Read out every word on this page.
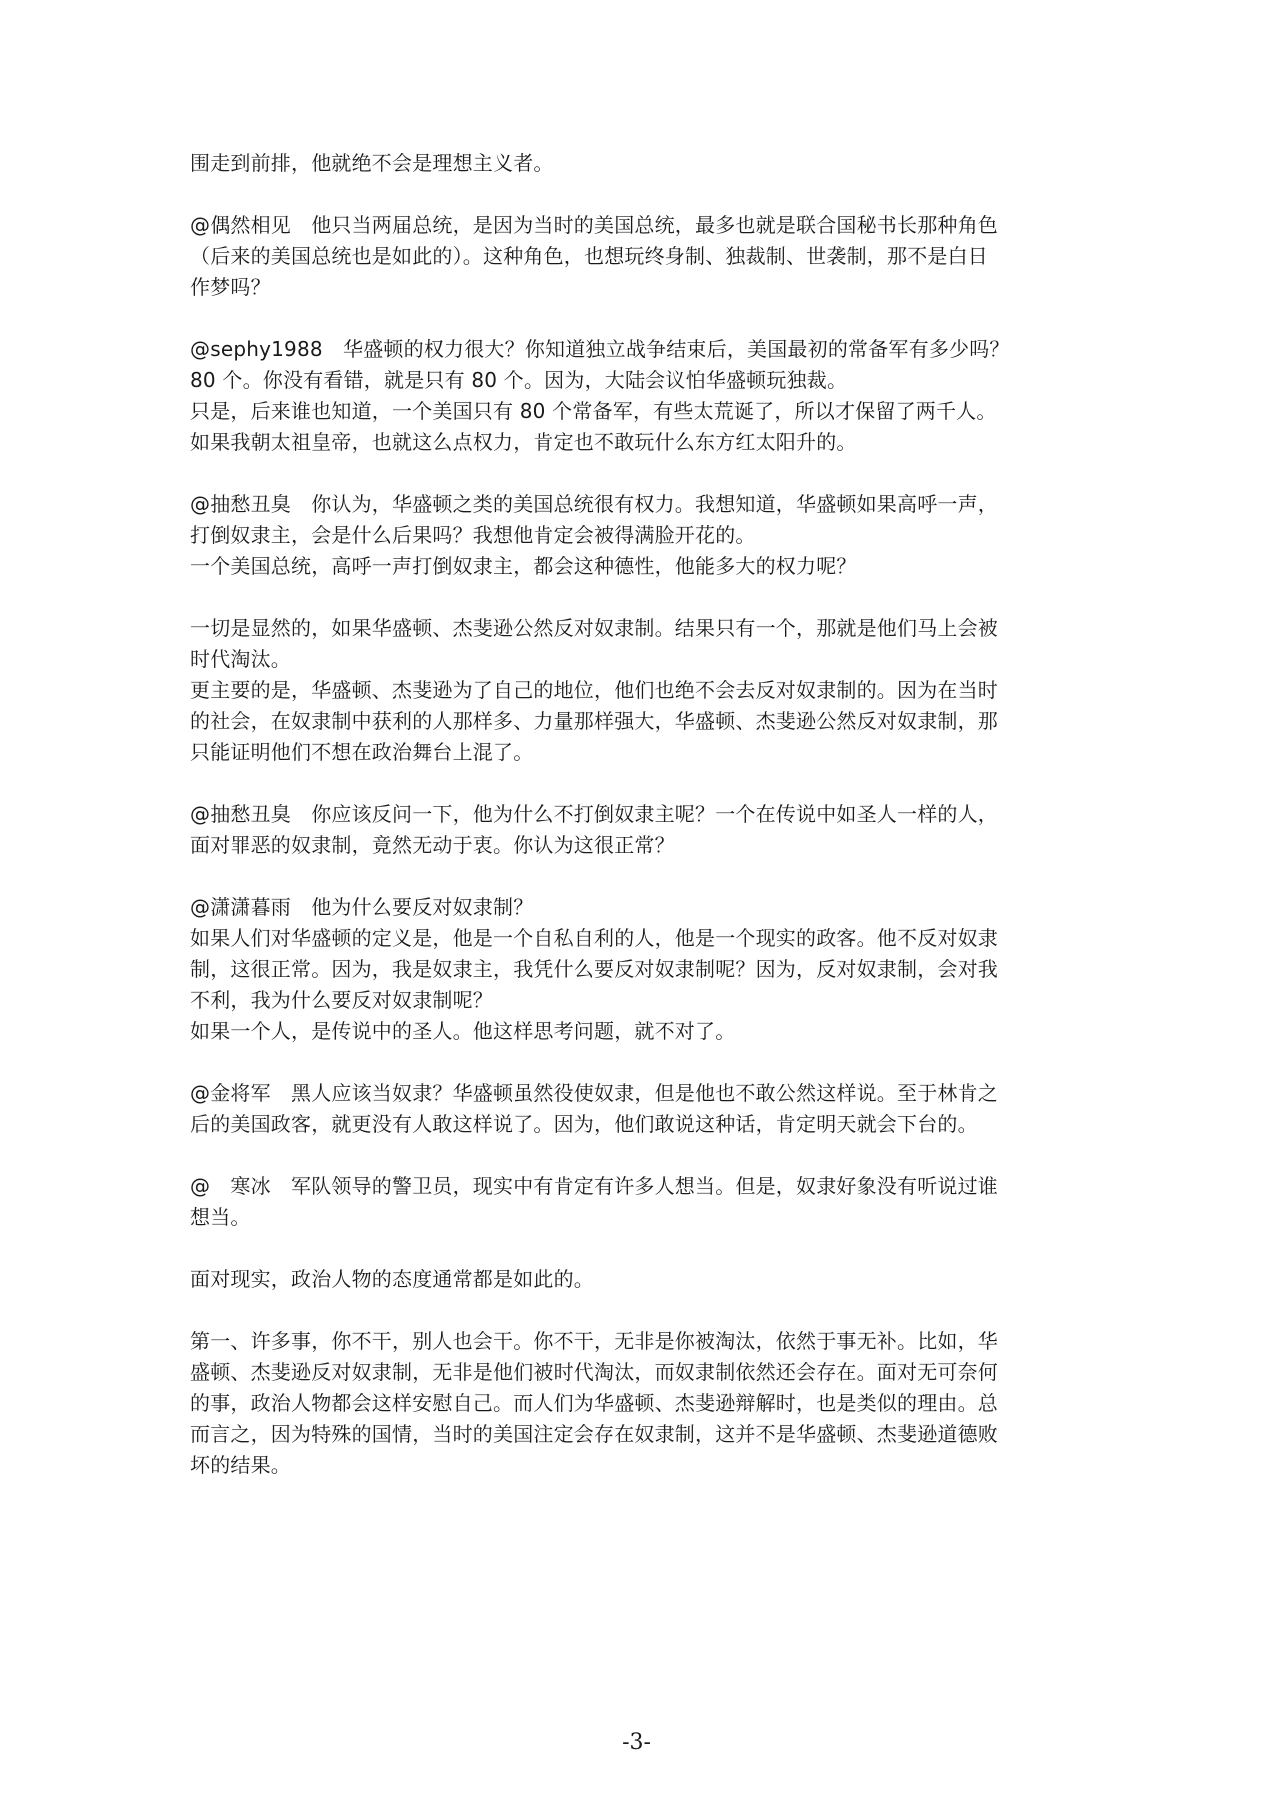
围走到前排，他就绝不会是理想主义者。
@偶然相见　他只当两届总统，是因为当时的美国总统，最多也就是联合国秘书长那种角色
（后来的美国总统也是如此的）。这种角色，也想玩终身制、独裁制、世袭制，那不是白日
作梦吗？
@sephy1988　华盛顿的权力很大？你知道独立战争结束后，美国最初的常备军有多少吗？
80 个。你没有看错，就是只有 80 个。因为，大陆会议怕华盛顿玩独裁。
只是，后来谁也知道，一个美国只有 80 个常备军，有些太荒诞了，所以才保留了两千人。
如果我朝太祖皇帝，也就这么点权力，肯定也不敢玩什么东方红太阳升的。
@抽愁丑臭　你认为，华盛顿之类的美国总统很有权力。我想知道，华盛顿如果高呼一声，
打倒奴隶主，会是什么后果吗？我想他肯定会被得满脸开花的。
一个美国总统，高呼一声打倒奴隶主，都会这种德性，他能多大的权力呢？
一切是显然的，如果华盛顿、杰斐逊公然反对奴隶制。结果只有一个，那就是他们马上会被
时代淘汰。
更主要的是，华盛顿、杰斐逊为了自己的地位，他们也绝不会去反对奴隶制的。因为在当时
的社会，在奴隶制中获利的人那样多、力量那样强大，华盛顿、杰斐逊公然反对奴隶制，那
只能证明他们不想在政治舞台上混了。
@抽愁丑臭　你应该反问一下，他为什么不打倒奴隶主呢？一个在传说中如圣人一样的人，
面对罪恶的奴隶制，竟然无动于衷。你认为这很正常？
@潇潇暮雨　他为什么要反对奴隶制？
如果人们对华盛顿的定义是，他是一个自私自利的人，他是一个现实的政客。他不反对奴隶
制，这很正常。因为，我是奴隶主，我凭什么要反对奴隶制呢？因为，反对奴隶制，会对我
不利，我为什么要反对奴隶制呢？
如果一个人，是传说中的圣人。他这样思考问题，就不对了。
@金将军　黑人应该当奴隶？华盛顿虽然役使奴隶，但是他也不敢公然这样说。至于林肯之
后的美国政客，就更没有人敢这样说了。因为，他们敢说这种话，肯定明天就会下台的。
@　寒冰　军队领导的警卫员，现实中有肯定有许多人想当。但是，奴隶好象没有听说过谁
想当。
面对现实，政治人物的态度通常都是如此的。
第一、许多事，你不干，别人也会干。你不干，无非是你被淘汰，依然于事无补。比如，华
盛顿、杰斐逊反对奴隶制，无非是他们被时代淘汰，而奴隶制依然还会存在。面对无可奈何
的事，政治人物都会这样安慰自己。而人们为华盛顿、杰斐逊辩解时，也是类似的理由。总
而言之，因为特殊的国情，当时的美国注定会存在奴隶制，这并不是华盛顿、杰斐逊道德败
坏的结果。
-3-
